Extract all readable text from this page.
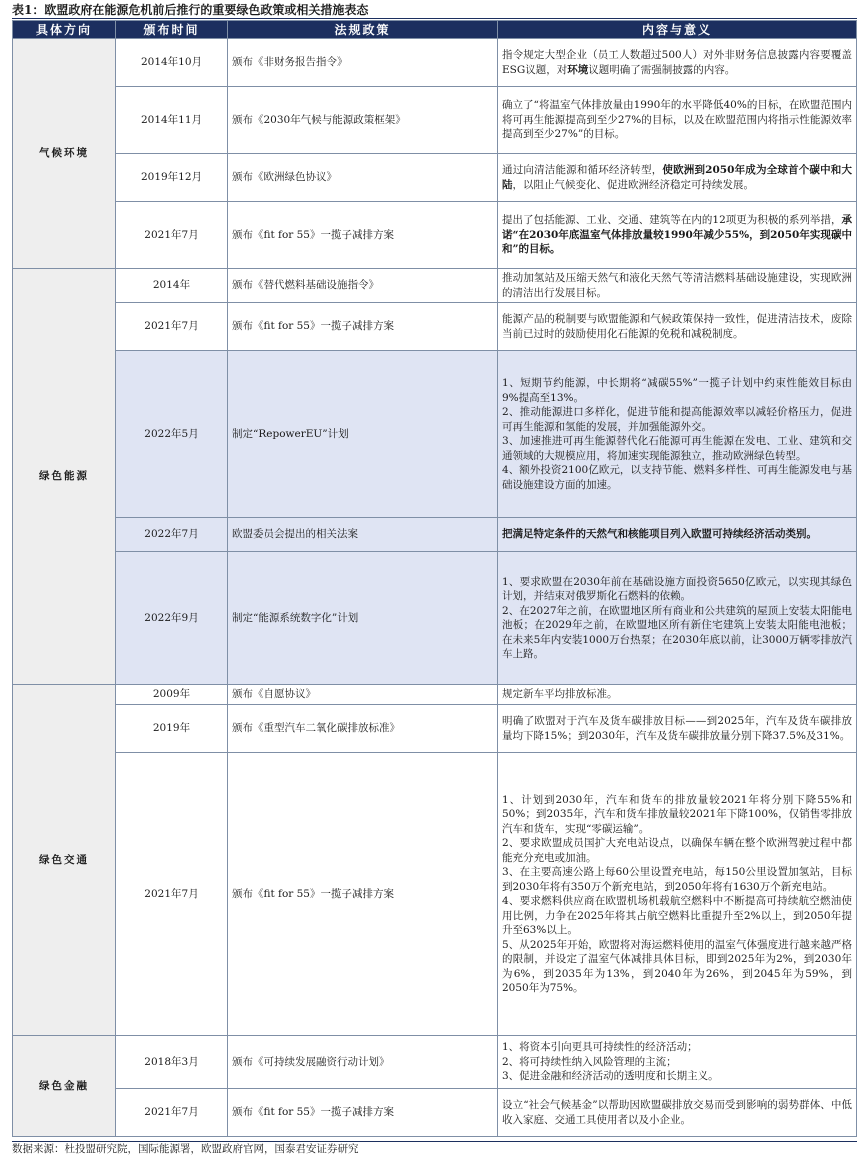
表1：欧盟政府在能源危机前后推行的重要绿色政策或相关措施表态
具体方向	颁布时间	法规政策	内容与意义
气候环境	2014年10月	颁布《非财务报告指令》	指令规定大型企业（员工人数超过500人）对外非财务信息披露内容要覆盖ESG议题，对环境议题明确了需强制披露的内容。

	2014年11月	颁布《2030年气候与能源政策框架》	确立了“将温室气体排放量由1990年的水平降低40%的目标，在欧盟范围内将可再生能源提高到至少27%的目标，以及在欧盟范围内将指示性能源效率提高到至少27%”的目标。

	2019年12月	颁布《欧洲绿色协议》	通过向清洁能源和循环经济转型，使欧洲到2050年成为全球首个碳中和大陆，以阻止气候变化、促进欧洲经济稳定可持续发展。

	2021年7月	颁布《fit for 55》一揽子减排方案	提出了包括能源、工业、交通、建筑等在内的12项更为积极的系列举措，承诺“在2030年底温室气体排放量较1990年减少55%，到2050年实现碳中和”的目标。

绿色能源	2014年	颁布《替代燃料基础设施指令》	推动加氢站及压缩天然气和液化天然气等清洁燃料基础设施建设，实现欧洲的清洁出行发展目标。

	2021年7月	颁布《fit for 55》一揽子减排方案	能源产品的税制要与欧盟能源和气候政策保持一致性，促进清洁技术，废除当前已过时的鼓励使用化石能源的免税和减税制度。

	2022年5月	制定“RepowerEU”计划	1、短期节约能源，中长期将“减碳55%”一揽子计划中约束性能效目标由9%提高至13%。
2、推动能源进口多样化，促进节能和提高能源效率以减轻价格压力，促进可再生能源和氢能的发展，并加强能源外交。
3、加速推进可再生能源替代化石能源可再生能源在发电、工业、建筑和交通领域的大规模应用，将加速实现能源独立，推动欧洲绿色转型。
4、额外投资2100亿欧元，以支持节能、燃料多样性、可再生能源发电与基础设施建设方面的加速。

	2022年7月	欧盟委员会提出的相关法案	把满足特定条件的天然气和核能项目列入欧盟可持续经济活动类别。

	2022年9月	制定“能源系统数字化”计划	1、要求欧盟在2030年前在基础设施方面投资5650亿欧元，以实现其绿色计划，并结束对俄罗斯化石燃料的依赖。
2、在2027年之前，在欧盟地区所有商业和公共建筑的屋顶上安装太阳能电池板；在2029年之前，在欧盟地区所有新住宅建筑上安装太阳能电池板；在未来5年内安装1000万台热泵；在2030年底以前，让3000万辆零排放汽车上路。

绿色交通	2009年	颁布《自愿协议》	规定新车平均排放标准。

	2019年	颁布《重型汽车二氧化碳排放标准》	明确了欧盟对于汽车及货车碳排放目标——到2025年，汽车及货车碳排放量均下降15%；到2030年，汽车及货车碳排放量分别下降37.5%及31%。

	2021年7月	颁布《fit for 55》一揽子减排方案	1、计划到2030年，汽车和货车的排放量较2021年将分别下降55%和50%；到2035年，汽车和货车排放量较2021年下降100%，仅销售零排放汽车和货车，实现“零碳运输”。
2、要求欧盟成员国扩大充电站设点，以确保车辆在整个欧洲驾驶过程中都能充分充电或加油。
3、在主要高速公路上每60公里设置充电站，每150公里设置加氢站，目标到2030年将有350万个新充电站，到2050年将有1630万个新充电站。
4、要求燃料供应商在欧盟机场机载航空燃料中不断提高可持续航空燃油使用比例，力争在2025年将其占航空燃料比重提升至2%以上，到2050年提升至63%以上。
5、从2025年开始，欧盟将对海运燃料使用的温室气体强度进行越来越严格的限制，并设定了温室气体减排具体目标，即到2025年为2%，到2030年为6%，到2035年为13%，到2040年为26%，到2045年为59%，到2050年为75%。

绿色金融	2018年3月	颁布《可持续发展融资行动计划》	1、将资本引向更具可持续性的经济活动；
2、将可持续性纳入风险管理的主流；
3、促进金融和经济活动的透明度和长期主义。

	2021年7月	颁布《fit for 55》一揽子减排方案	设立“社会气候基金”以帮助因欧盟碳排放交易而受到影响的弱势群体、中低收入家庭、交通工具使用者以及小企业。
数据来源：杜投盟研究院，国际能源署，欧盟政府官网，国泰君安证券研究
